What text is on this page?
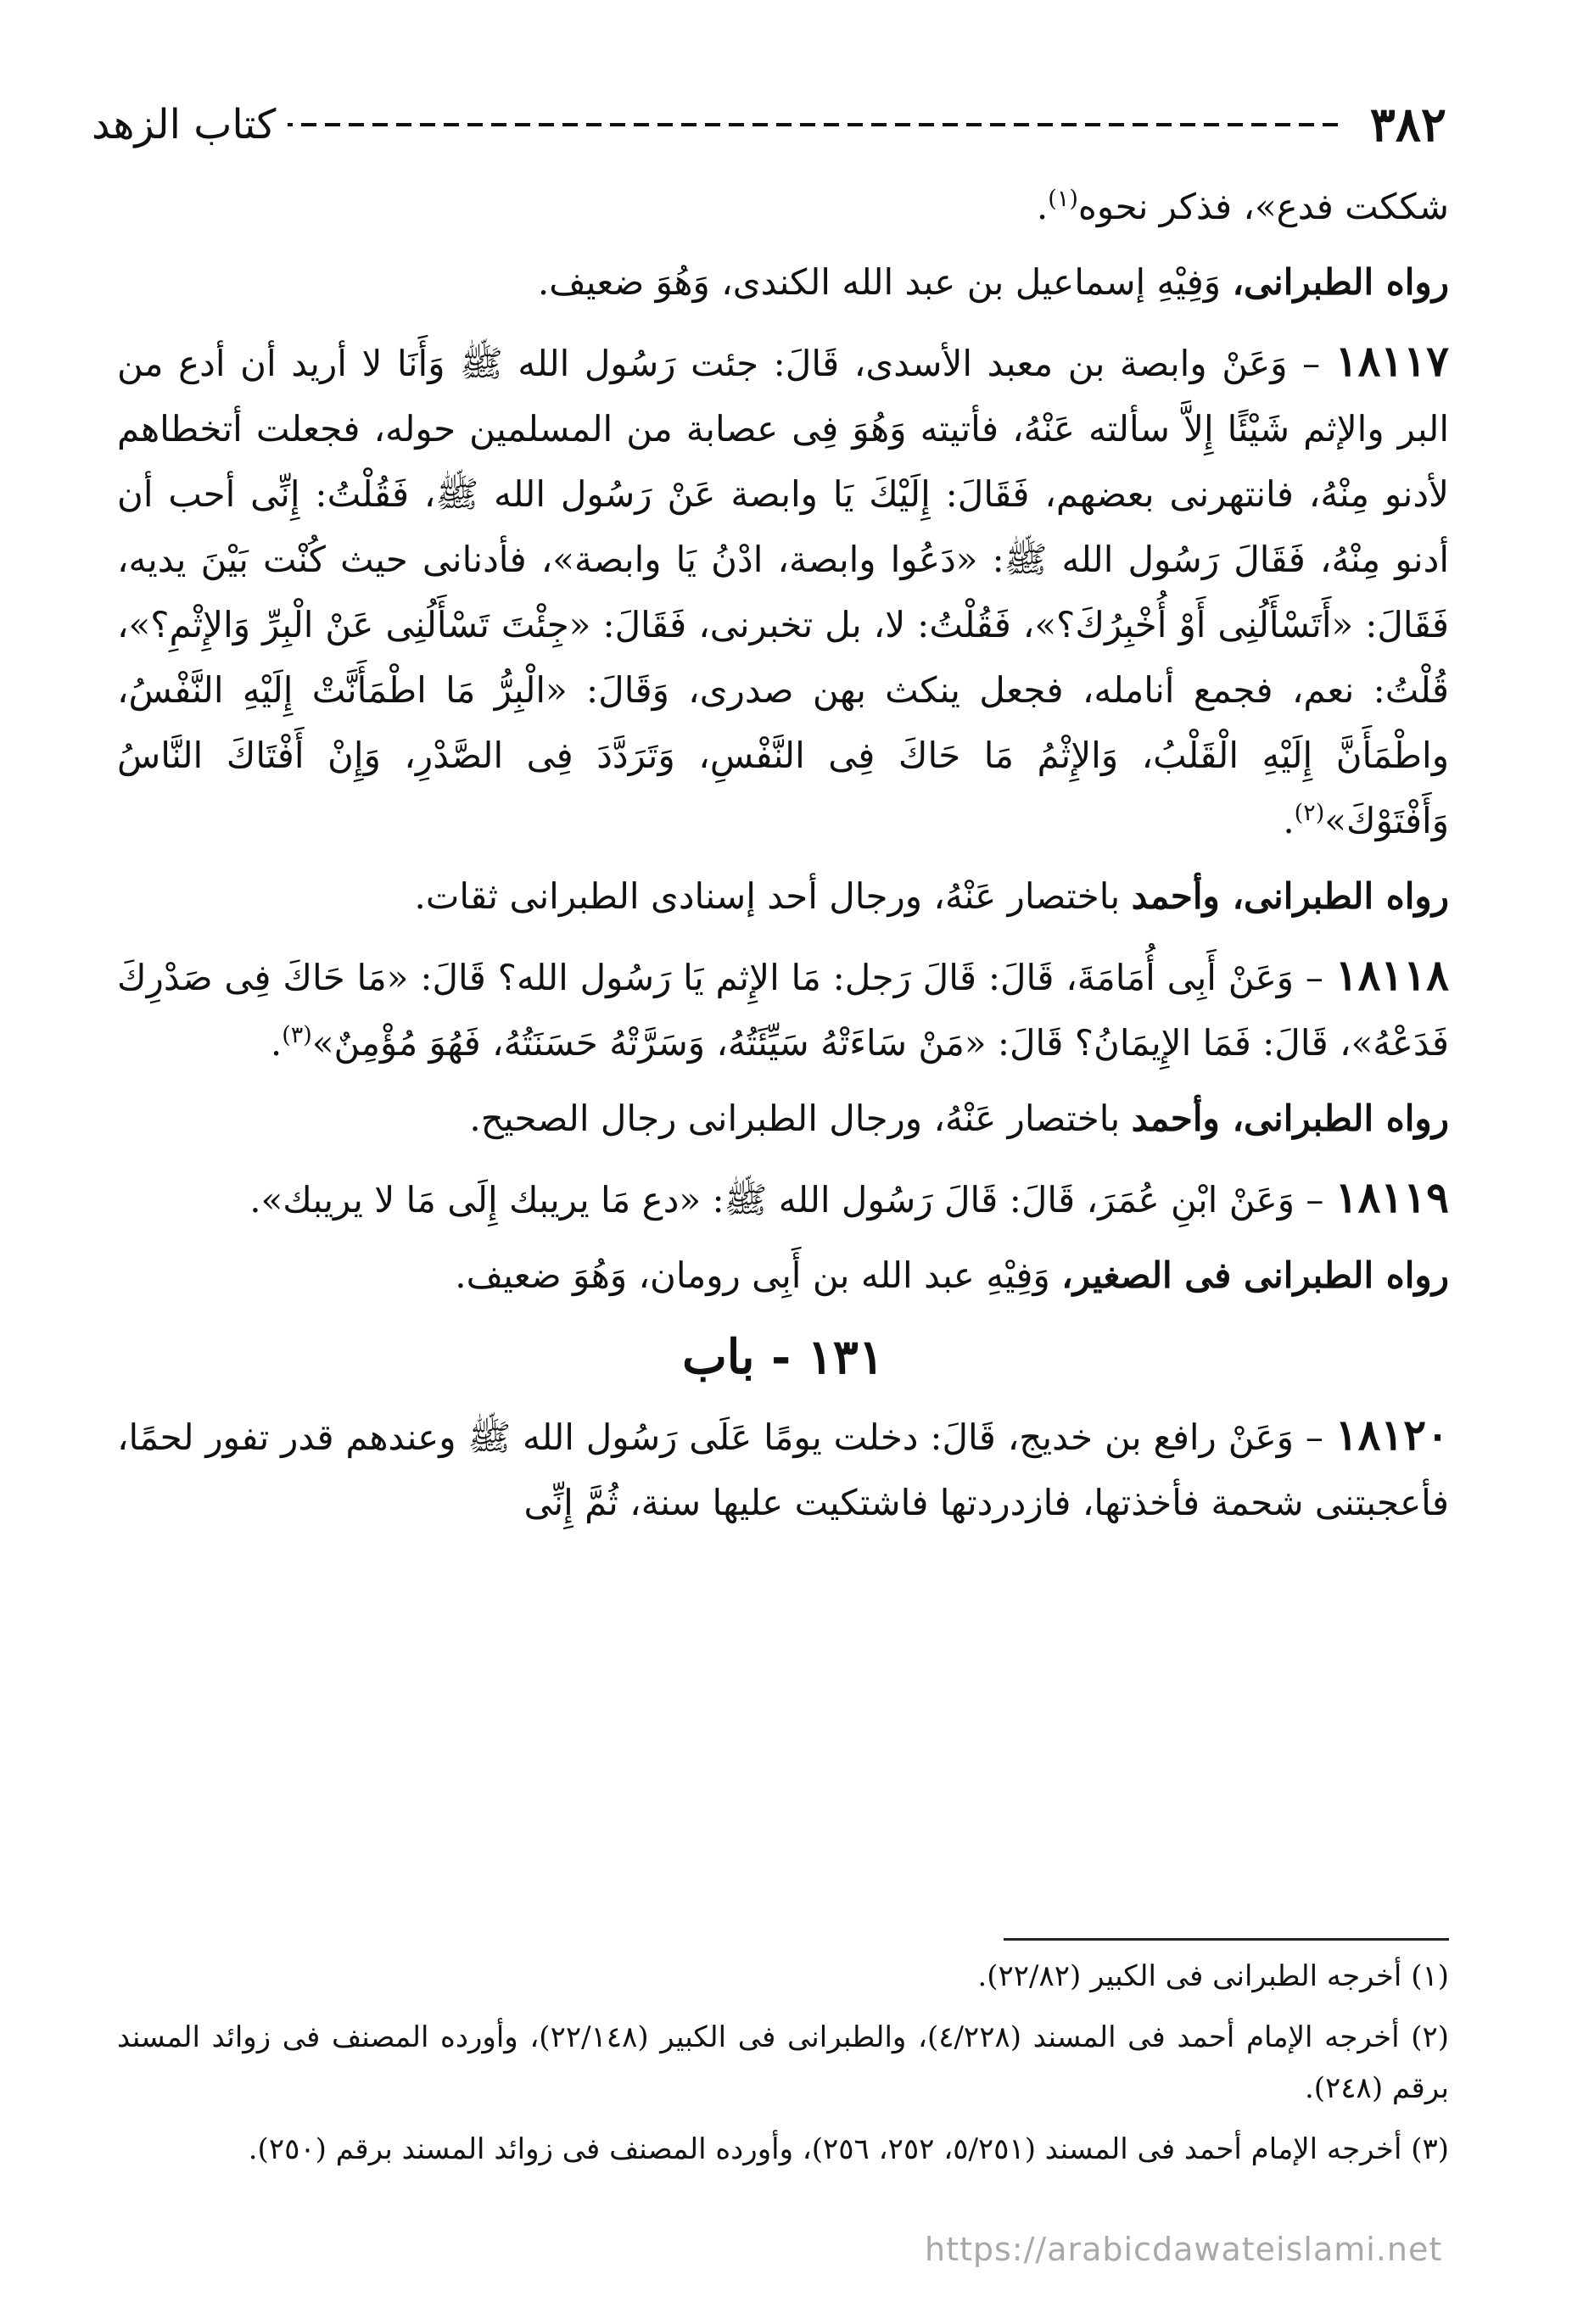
٣٨٢
كتاب الزهد

شككت فدع»، فذكر نحوه$^{(١)}$.

رواه الطبرانى، وَفِيْهِ إسماعيل بن عبد الله الكندى، وَهُوَ ضعيف.

١٨١١٧ – وَعَنْ وابصة بن معبد الأسدى، قَالَ: جئت رَسُول الله ﷺ وَأَنَا لا أريد أن أدع من البر والإثم شَيْئًا إِلاَّ سألته عَنْهُ، فأتيته وَهُوَ فِى عصابة من المسلمين حوله، فجعلت أتخطاهم لأدنو مِنْهُ، فانتهرنى بعضهم، فَقَالَ: إِلَيْكَ يَا وابصة عَنْ رَسُول الله ﷺ، فَقُلْتُ: إِنِّى أحب أن أدنو مِنْهُ، فَقَالَ رَسُول الله ﷺ: «دَعُوا وابصة، ادْنُ يَا وابصة»، فأدنانى حيث كُنْت بَيْنَ يديه، فَقَالَ: «أَتَسْأَلُنِى أَوْ أُخْبِرُكَ؟»، فَقُلْتُ: لا، بل تخبرنى، فَقَالَ: «جِئْتَ تَسْأَلُنِى عَنْ الْبِرِّ وَالإِثْمِ؟»، قُلْتُ: نعم، فجمع أنامله، فجعل ينكث بهن صدرى، وَقَالَ: «الْبِرُّ مَا اطْمَأَنَّتْ إِلَيْهِ النَّفْسُ، واطْمَأَنَّ إِلَيْهِ الْقَلْبُ، وَالإِثْمُ مَا حَاكَ فِى النَّفْسِ، وَتَرَدَّدَ فِى الصَّدْرِ، وَإِنْ أَفْتَاكَ النَّاسُ وَأَفْتَوْكَ»$^{(٢)}$.

رواه الطبرانى، وأحمد باختصار عَنْهُ، ورجال أحد إسنادى الطبرانى ثقات.

١٨١١٨ – وَعَنْ أَبِى أُمَامَةَ، قَالَ: قَالَ رَجل: مَا الإِثم يَا رَسُول الله؟ قَالَ: «مَا حَاكَ فِى صَدْرِكَ فَدَعْهُ»، قَالَ: فَمَا الإِيمَانُ؟ قَالَ: «مَنْ سَاءَتْهُ سَيِّئَتُهُ، وَسَرَّتْهُ حَسَنَتُهُ، فَهُوَ مُؤْمِنٌ»$^{(٣)}$.

رواه الطبرانى، وأحمد باختصار عَنْهُ، ورجال الطبرانى رجال الصحيح.

١٨١١٩ – وَعَنْ ابْنِ عُمَرَ، قَالَ: قَالَ رَسُول الله ﷺ: «دع مَا يريبك إِلَى مَا لا يريبك».

رواه الطبرانى فى الصغير، وَفِيْهِ عبد الله بن أَبِى رومان، وَهُوَ ضعيف.

١٣١ - باب

١٨١٢٠ – وَعَنْ رافع بن خديج، قَالَ: دخلت يومًا عَلَى رَسُول الله ﷺ وعندهم قدر تفور لحمًا، فأعجبتنى شحمة فأخذتها، فازدردتها فاشتكيت عليها سنة، ثُمَّ إِنِّى

(١) أخرجه الطبرانى فى الكبير (٢٢/٨٢).

(٢) أخرجه الإمام أحمد فى المسند (٤/٢٢٨)، والطبرانى فى الكبير (٢٢/١٤٨)، وأورده المصنف فى زوائد المسند برقم (٢٤٨).

(٣) أخرجه الإمام أحمد فى المسند (٥/٢٥١، ٢٥٢، ٢٥٦)، وأورده المصنف فى زوائد المسند برقم (٢٥٠).

https://arabicdawateislami.net
